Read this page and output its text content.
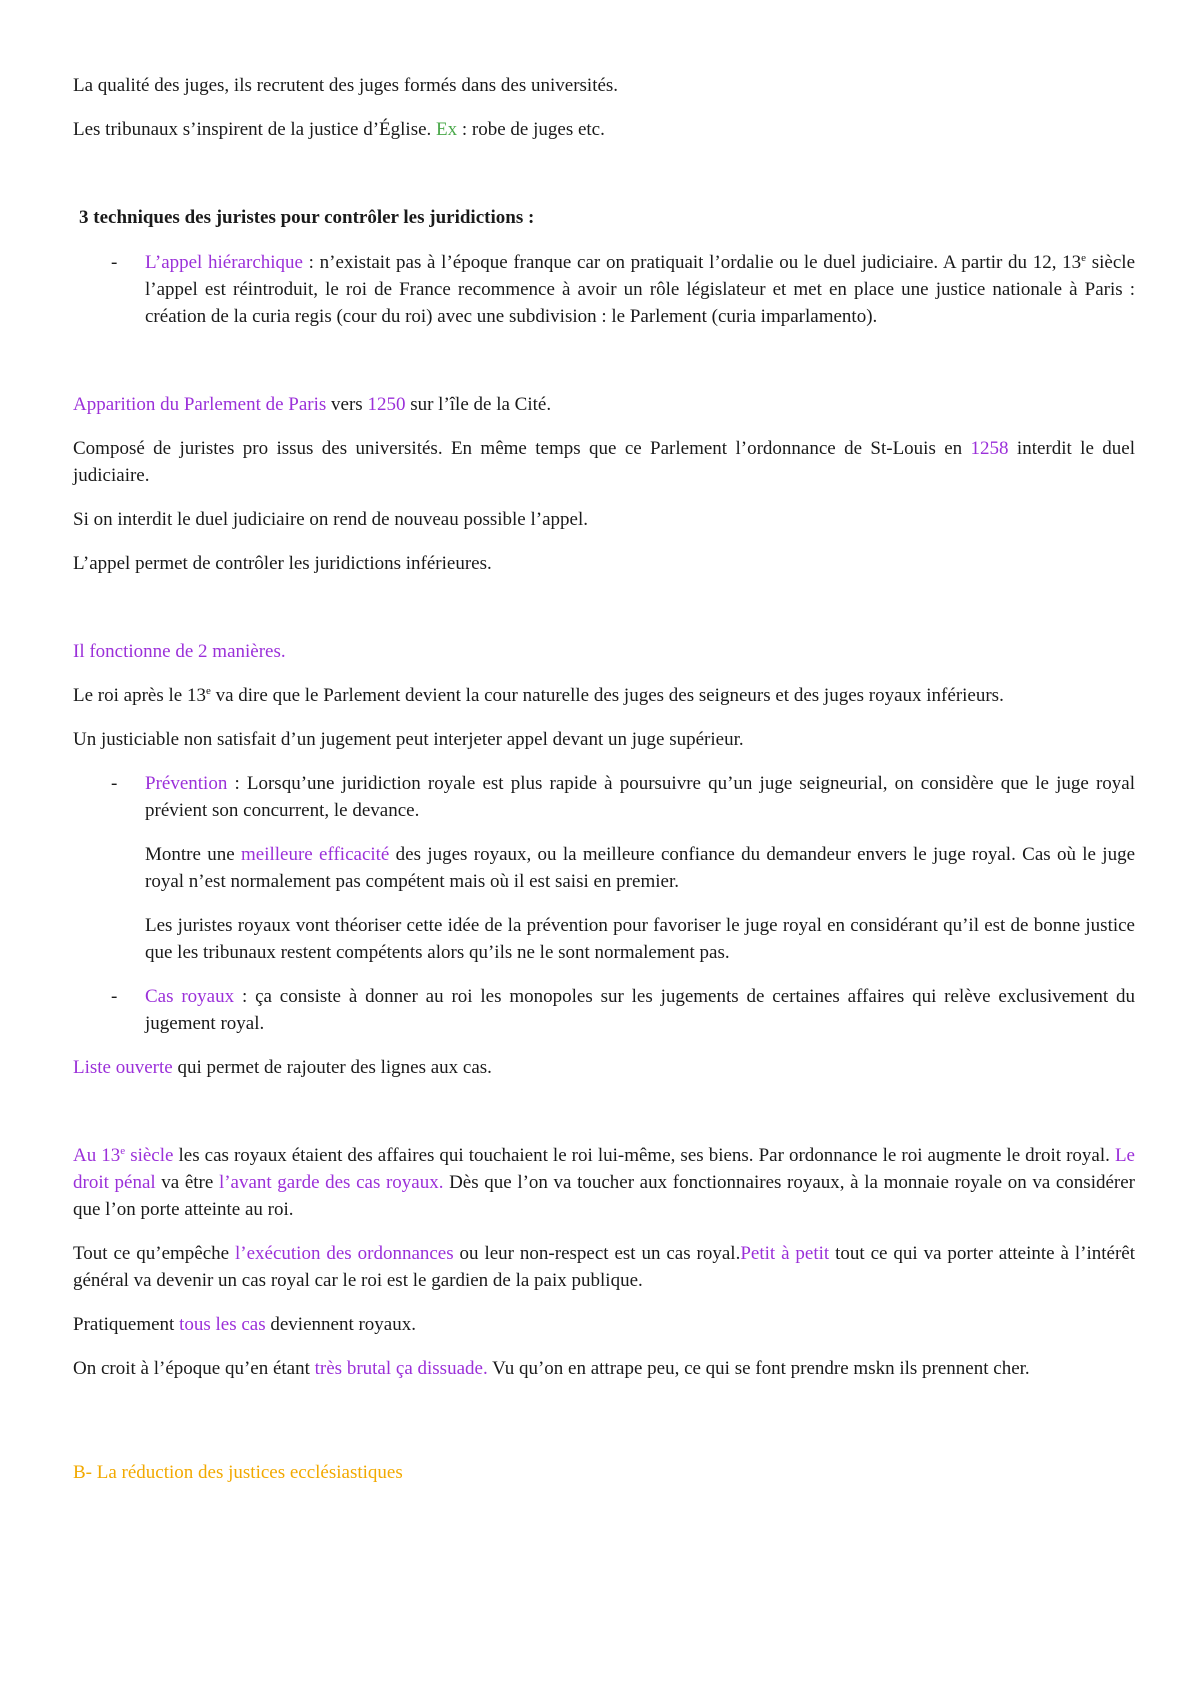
La qualité des juges, ils recrutent des juges formés dans des universités.

Les tribunaux s’inspirent de la justice d’Église. Ex : robe de juges etc.

3 techniques des juristes pour contrôler les juridictions :

- L’appel hiérarchique : n’existait pas à l’époque franque car on pratiquait l’ordalie ou le duel judiciaire. A partir du 12, 13e siècle l’appel est réintroduit, le roi de France recommence à avoir un rôle législateur et met en place une justice nationale à Paris : création de la curia regis (cour du roi) avec une subdivision : le Parlement (curia imparlamento).

Apparition du Parlement de Paris vers 1250 sur l’île de la Cité.

Composé de juristes pro issus des universités. En même temps que ce Parlement l’ordonnance de St-Louis en 1258 interdit le duel judiciaire.

Si on interdit le duel judiciaire on rend de nouveau possible l’appel.

L’appel permet de contrôler les juridictions inférieures.

Il fonctionne de 2 manières.

Le roi après le 13e va dire que le Parlement devient la cour naturelle des juges des seigneurs et des juges royaux inférieurs.

Un justiciable non satisfait d’un jugement peut interjeter appel devant un juge supérieur.

- Prévention : Lorsqu’une juridiction royale est plus rapide à poursuivre qu’un juge seigneurial, on considère que le juge royal prévient son concurrent, le devance.

Montre une meilleure efficacité des juges royaux, ou la meilleure confiance du demandeur envers le juge royal. Cas où le juge royal n’est normalement pas compétent mais où il est saisi en premier.

Les juristes royaux vont théoriser cette idée de la prévention pour favoriser le juge royal en considérant qu’il est de bonne justice que les tribunaux restent compétents alors qu’ils ne le sont normalement pas.

- Cas royaux : ça consiste à donner au roi les monopoles sur les jugements de certaines affaires qui relève exclusivement du jugement royal.

Liste ouverte qui permet de rajouter des lignes aux cas.

Au 13e siècle les cas royaux étaient des affaires qui touchaient le roi lui-même, ses biens. Par ordonnance le roi augmente le droit royal. Le droit pénal va être l’avant garde des cas royaux. Dès que l’on va toucher aux fonctionnaires royaux, à la monnaie royale on va considérer que l’on porte atteinte au roi.

Tout ce qu’empêche l’exécution des ordonnances ou leur non-respect est un cas royal.Petit à petit tout ce qui va porter atteinte à l’intérêt général va devenir un cas royal car le roi est le gardien de la paix publique.

Pratiquement tous les cas deviennent royaux.

On croit à l’époque qu’en étant très brutal ça dissuade. Vu qu’on en attrape peu, ce qui se font prendre mskn ils prennent cher.

B- La réduction des justices ecclésiastiques
